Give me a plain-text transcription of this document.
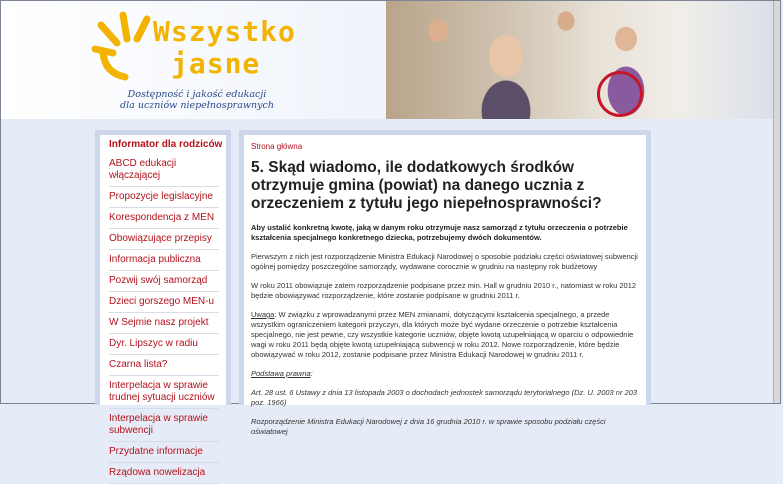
Wszystko
jasne
Dostępność i jakość edukacji
dla uczniów niepełnosprawnych
Informator dla rodziców
ABCD edukacji włączającej
Propozycje legislacyjne
Korespondencja z MEN
Obowiązujące przepisy
Informacja publiczna
Pozwij swój samorząd
Dzieci gorszego MEN-u
W Sejmie nasz projekt
Dyr. Lipszyc w radiu
Czarna lista?
Interpelacja w sprawie trudnej sytuacji uczniów
Interpelacja w sprawie subwencji
Przydatne informacje
Rządowa nowelizacja
Strona główna
5. Skąd wiadomo, ile dodatkowych środków otrzymuje gmina (powiat) na danego ucznia z orzeczeniem z tytułu jego niepełnosprawności?

Aby ustalić konkretną kwotę, jaką w danym roku otrzymuje nasz samorząd z tytułu orzeczenia o potrzebie kształcenia specjalnego konkretnego dziecka, potrzebujemy dwóch dokumentów.

Pierwszym z nich jest rozporządzenie Ministra Edukacji Narodowej o sposobie podziału części oświatowej subwencji ogólnej pomiędzy poszczególne samorządy, wydawane corocznie w grudniu na następny rok budżetowy

W roku 2011 obowiązuje zatem rozporządzenie podpisane przez min. Hall w grudniu 2010 r., natomiast w roku 2012 będzie obowiązywać rozporządzenie, które zostanie podpisane w grudniu 2011 r.

Uwaga: W związku z wprowadzanymi przez MEN zmianami, dotyczącymi kształcenia specjalnego, a przede wszystkim ograniczeniem kategorii przyczyn, dla których może być wydane orzeczenie o potrzebie kształcenia specjalnego, nie jest pewne, czy wszystkie kategorie uczniów, objęte kwotą uzupełniającą w oparciu o odpowiednie wagi w roku 2011 będą objęte kwotą uzupełniającą subwencji w roku 2012. Nowe rozporządzenie, które będzie obowiązywać w roku 2012, zostanie podpisane przez Ministra Edukacji Narodowej w grudniu 2011 r.

Podstawa prawna:

Art. 28 ust. 6 Ustawy z dnia 13 listopada 2003 o dochodach jednostek samorządu terytorialnego (Dz. U. 2003 nr 203 poz. 1966)

Rozporządzenie Ministra Edukacji Narodowej z dnia 16 grudnia 2010 r. w sprawie sposobu podziału części oświatowej
